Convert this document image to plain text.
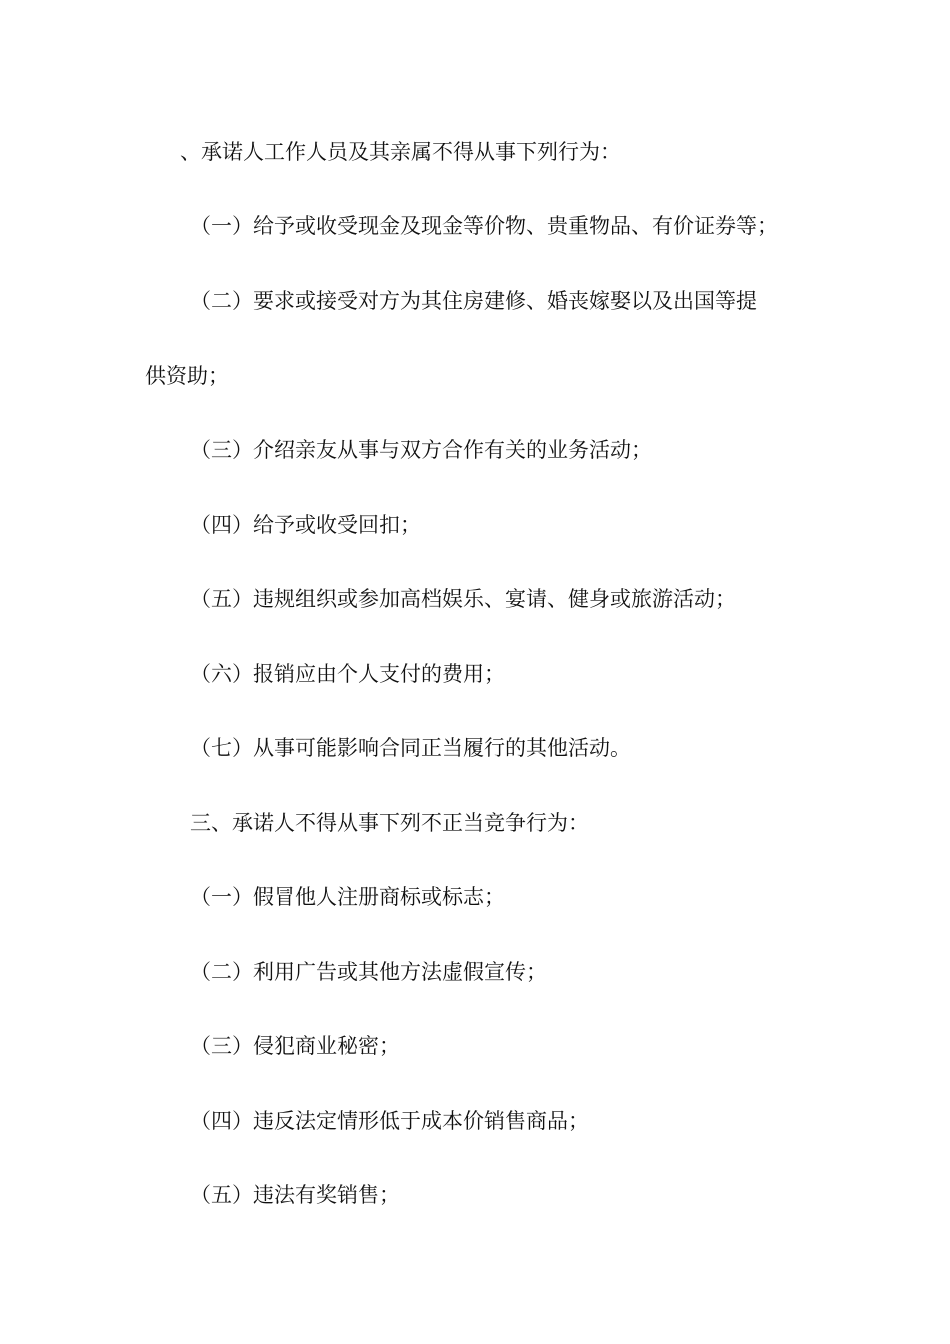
、承诺人工作人员及其亲属不得从事下列行为：
（一）给予或收受现金及现金等价物、贵重物品、有价证券等；
（二）要求或接受对方为其住房建修、婚丧嫁娶以及出国等提
供资助；
（三）介绍亲友从事与双方合作有关的业务活动；
（四）给予或收受回扣；
（五）违规组织或参加高档娱乐、宴请、健身或旅游活动；
（六）报销应由个人支付的费用；
（七）从事可能影响合同正当履行的其他活动。
三、承诺人不得从事下列不正当竞争行为：
（一）假冒他人注册商标或标志；
（二）利用广告或其他方法虚假宣传；
（三）侵犯商业秘密；
（四）违反法定情形低于成本价销售商品；
（五）违法有奖销售；
